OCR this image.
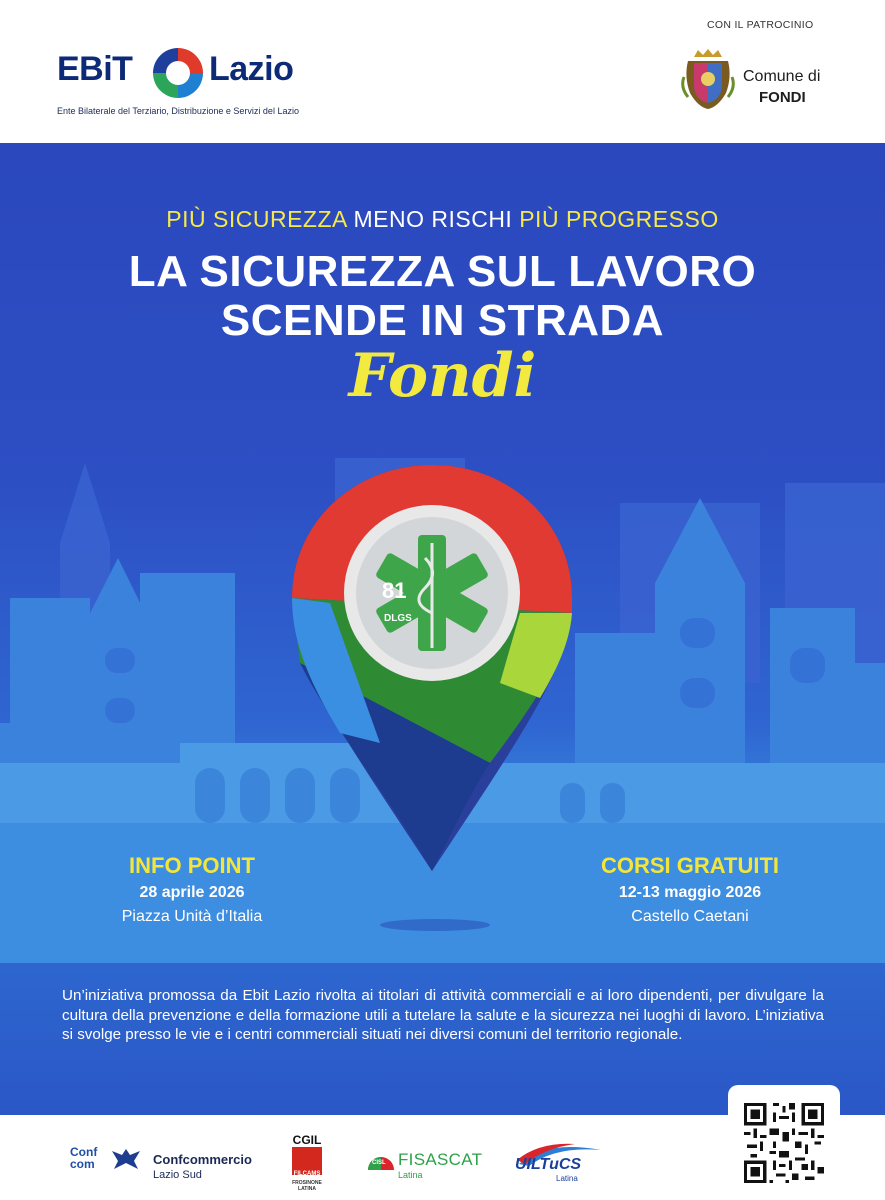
EBiT Lazio
Ente Bilaterale del Terziario, Distribuzione e Servizi del Lazio
CON IL PATROCINIO
Comune di
FONDI
81
DLGS
PIÙ SICUREZZA MENO RISCHI PIÙ PROGRESSO
LA SICUREZZA SUL LAVORO
SCENDE IN STRADA
Fondi
INFO POINT
28 aprile 2026
Piazza Unità d’Italia
CORSI GRATUITI
12-13 maggio 2026
Castello Caetani
Un’iniziativa promossa da Ebit Lazio rivolta ai titolari di attività commerciali e ai loro dipendenti, per divulgare la cultura della prevenzione e della formazione utili a tutelare la salute e la sicurezza nei luoghi di lavoro. L’iniziativa si svolge presso le vie e i centri commerciali situati nei diversi comuni del territorio regionale.
Conf
com	Confcommercio
Lazio Sud
CGIL
FILCAMS
FROSINONE LATINA
CISL FISASCAT
Latina
UILTuCS
Latina
